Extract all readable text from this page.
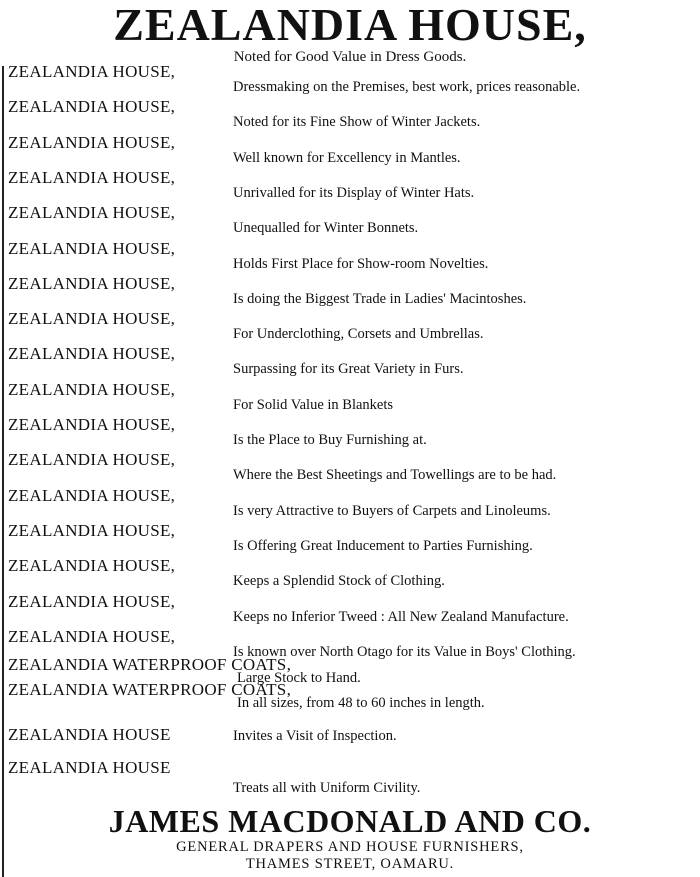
ZEALANDIA HOUSE,
Noted for Good Value in Dress Goods.
ZEALANDIA HOUSE,
Dressmaking on the Premises, best work, prices reasonable.
ZEALANDIA HOUSE,
Noted for its Fine Show of Winter Jackets.
ZEALANDIA HOUSE,
Well known for Excellency in Mantles.
ZEALANDIA HOUSE,
Unrivalled for its Display of Winter Hats.
ZEALANDIA HOUSE,
Unequalled for Winter Bonnets.
ZEALANDIA HOUSE,
Holds First Place for Show-room Novelties.
ZEALANDIA HOUSE,
Is doing the Biggest Trade in Ladies' Macintoshes.
ZEALANDIA HOUSE,
For Underclothing, Corsets and Umbrellas.
ZEALANDIA HOUSE,
Surpassing for its Great Variety in Furs.
ZEALANDIA HOUSE,
For Solid Value in Blankets
ZEALANDIA HOUSE,
Is the Place to Buy Furnishing at.
ZEALANDIA HOUSE,
Where the Best Sheetings and Towellings are to be had.
ZEALANDIA HOUSE,
Is very Attractive to Buyers of Carpets and Linoleums.
ZEALANDIA HOUSE,
Is Offering Great Inducement to Parties Furnishing.
ZEALANDIA HOUSE,
Keeps a Splendid Stock of Clothing.
ZEALANDIA HOUSE,
Keeps no Inferior Tweed : All New Zealand Manufacture.
ZEALANDIA HOUSE,
Is known over North Otago for its Value in Boys' Clothing.
ZEALANDIA WATERPROOF COATS,
Large Stock to Hand.
ZEALANDIA WATERPROOF COATS,
In all sizes, from 48 to 60 inches in length.
ZEALANDIA HOUSE	Invites a Visit of Inspection.
ZEALANDIA HOUSE
Treats all with Uniform Civility.
JAMES MACDONALD AND CO.
GENERAL DRAPERS AND HOUSE FURNISHERS,
THAMES STREET, OAMARU.
